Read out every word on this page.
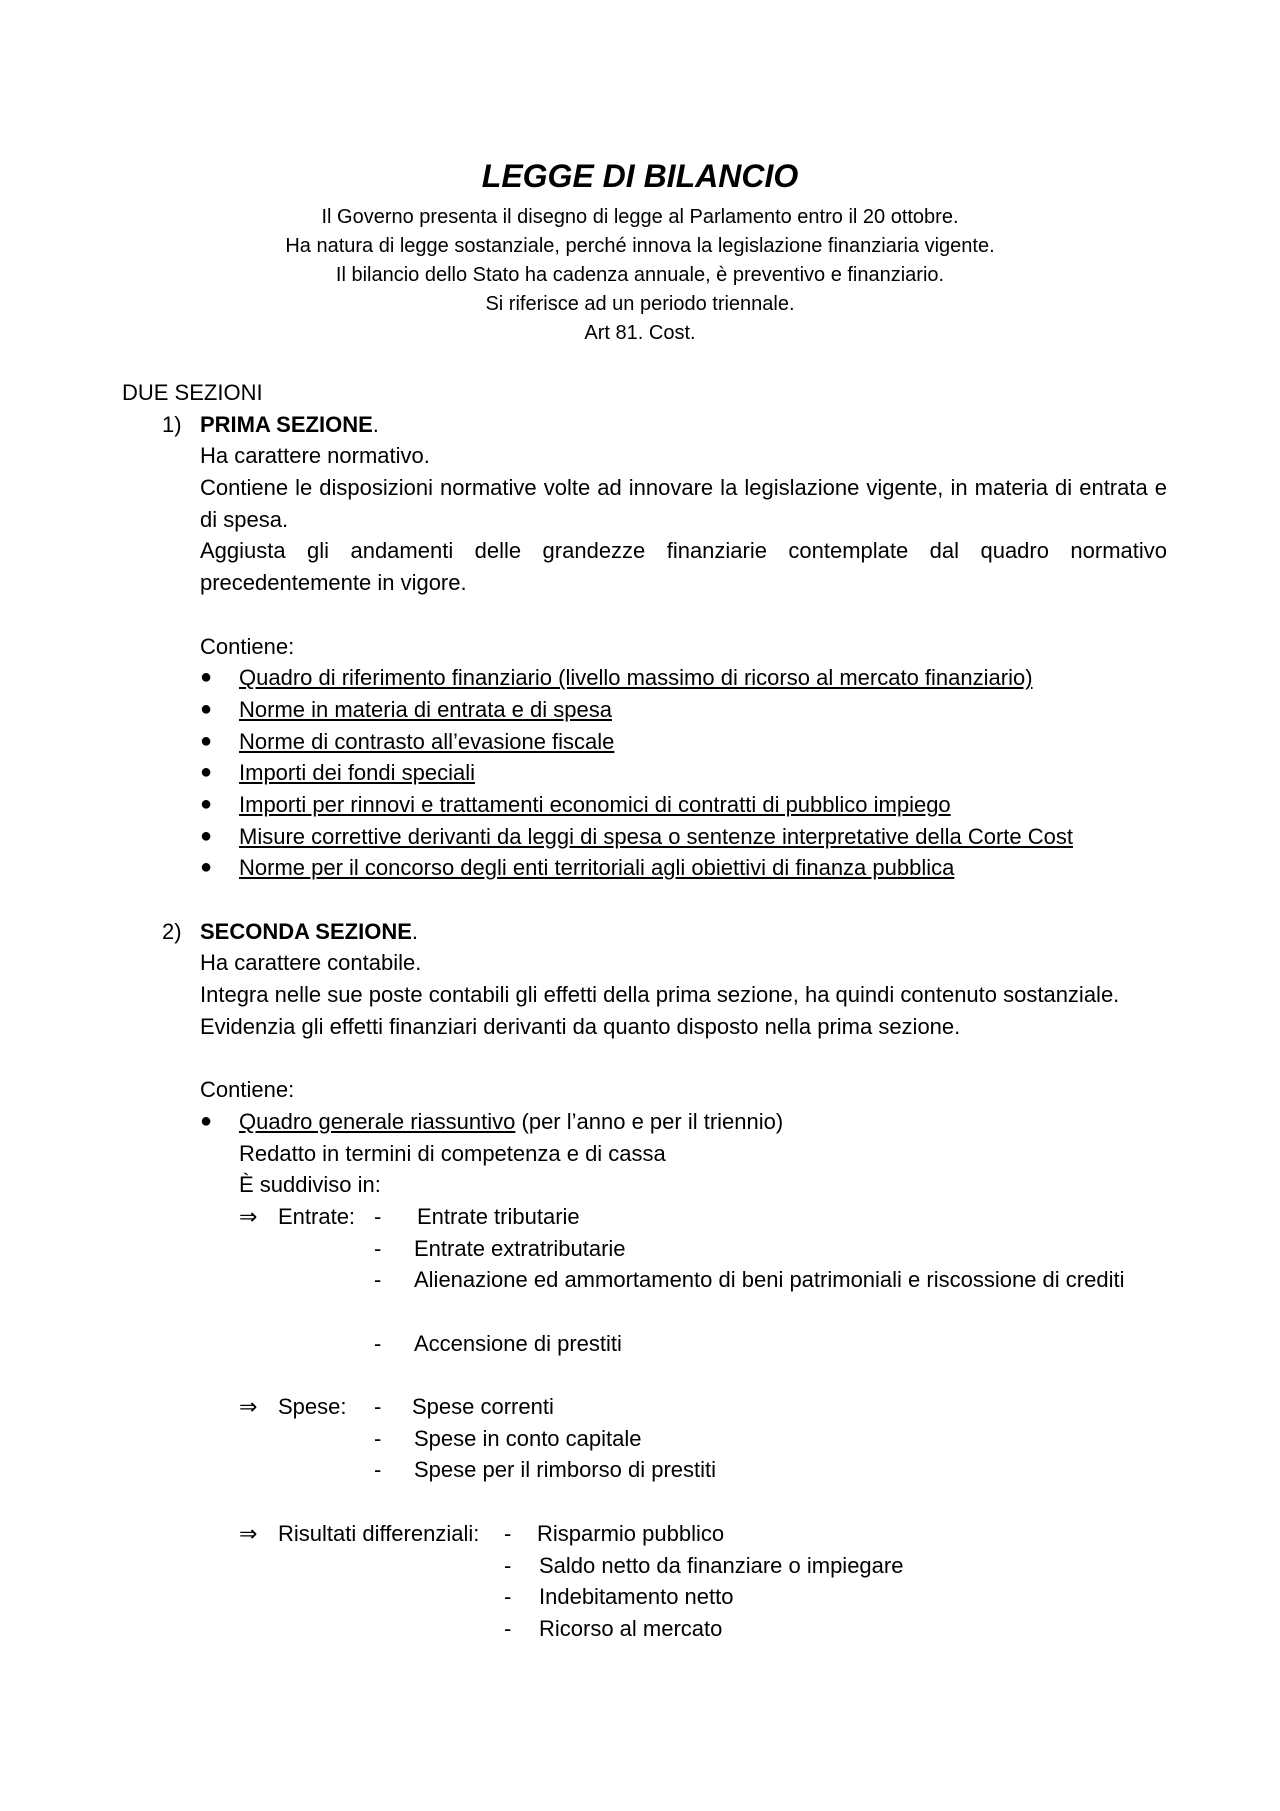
LEGGE DI BILANCIO
Il Governo presenta il disegno di legge al Parlamento entro il 20 ottobre.
Ha natura di legge sostanziale, perché innova la legislazione finanziaria vigente.
Il bilancio dello Stato ha cadenza annuale, è preventivo e finanziario.
Si riferisce ad un periodo triennale.
Art 81. Cost.
DUE SEZIONI
1) PRIMA SEZIONE.
Ha carattere normativo.
Contiene le disposizioni normative volte ad innovare la legislazione vigente, in materia di entrata e di spesa.
Aggiusta gli andamenti delle grandezze finanziarie contemplate dal quadro normativo precedentemente in vigore.
Contiene:
● Quadro di riferimento finanziario (livello massimo di ricorso al mercato finanziario)
● Norme in materia di entrata e di spesa
● Norme di contrasto all’evasione fiscale
● Importi dei fondi speciali
● Importi per rinnovi e trattamenti economici di contratti di pubblico impiego
● Misure correttive derivanti da leggi di spesa o sentenze interpretative della Corte Cost
● Norme per il concorso degli enti territoriali agli obiettivi di finanza pubblica
2) SECONDA SEZIONE.
Ha carattere contabile.
Integra nelle sue poste contabili gli effetti della prima sezione, ha quindi contenuto sostanziale.
Evidenzia gli effetti finanziari derivanti da quanto disposto nella prima sezione.
Contiene:
● Quadro generale riassuntivo (per l’anno e per il triennio)
Redatto in termini di competenza e di cassa
È suddiviso in:
⇒ Entrate: - Entrate tributarie
- Entrate extratributarie
- Alienazione ed ammortamento di beni patrimoniali e riscossione di crediti
- Accensione di prestiti
⇒ Spese: - Spese correnti
- Spese in conto capitale
- Spese per il rimborso di prestiti
⇒ Risultati differenziali: - Risparmio pubblico
- Saldo netto da finanziare o impiegare
- Indebitamento netto
- Ricorso al mercato
